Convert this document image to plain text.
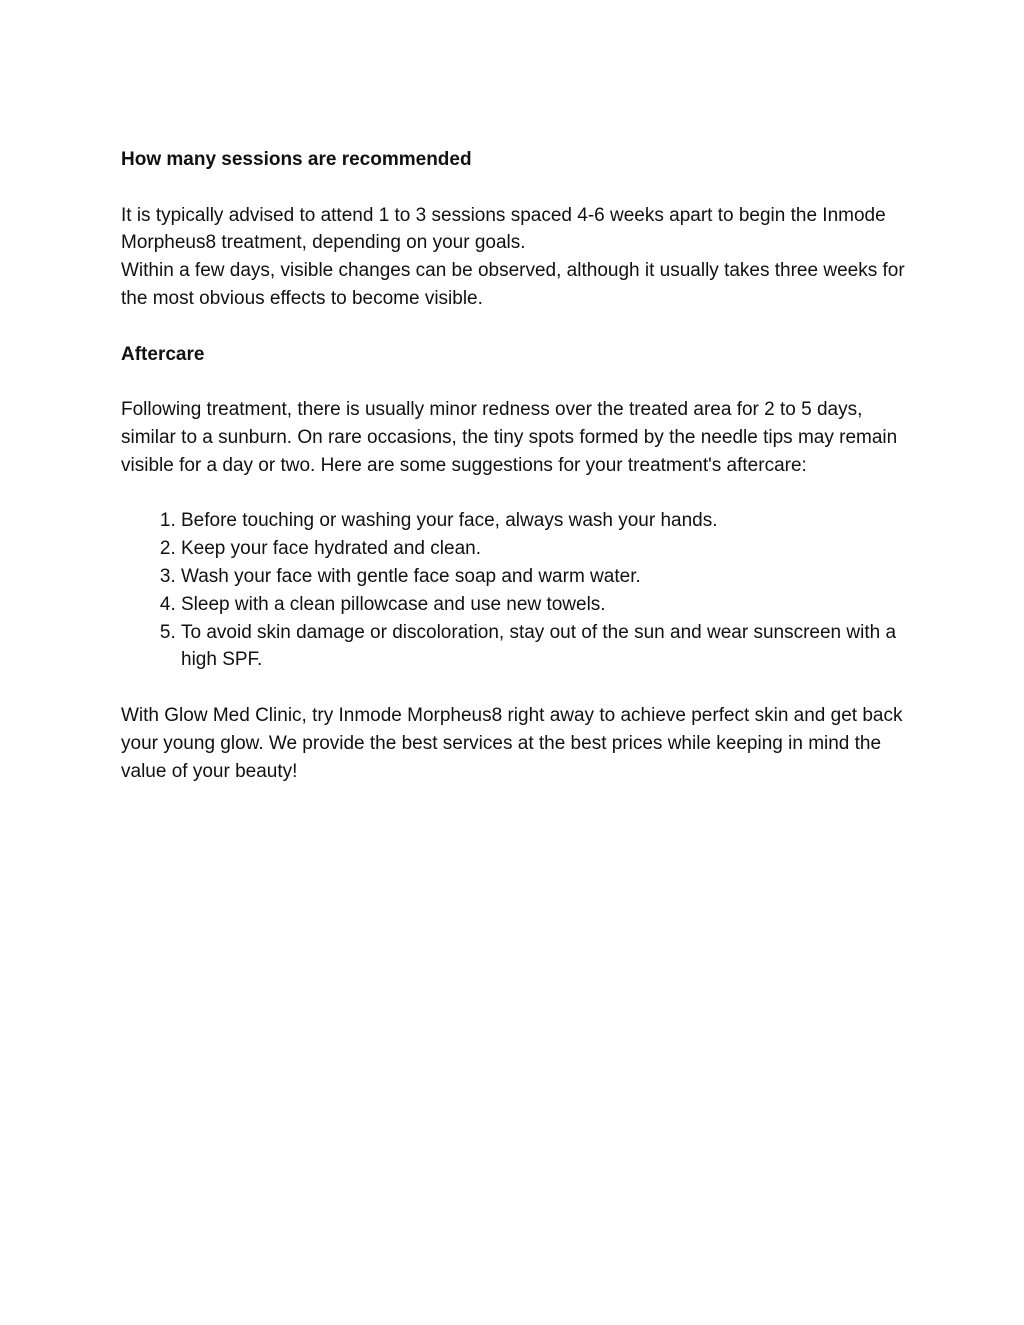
How many sessions are recommended

It is typically advised to attend 1 to 3 sessions spaced 4-6 weeks apart to begin the Inmode Morpheus8 treatment, depending on your goals.

Within a few days, visible changes can be observed, although it usually takes three weeks for the most obvious effects to become visible.

Aftercare

Following treatment, there is usually minor redness over the treated area for 2 to 5 days, similar to a sunburn. On rare occasions, the tiny spots formed by the needle tips may remain visible for a day or two. Here are some suggestions for your treatment's aftercare:

1. Before touching or washing your face, always wash your hands.
2. Keep your face hydrated and clean.
3. Wash your face with gentle face soap and warm water.
4. Sleep with a clean pillowcase and use new towels.
5. To avoid skin damage or discoloration, stay out of the sun and wear sunscreen with a high SPF.

With Glow Med Clinic, try Inmode Morpheus8 right away to achieve perfect skin and get back your young glow. We provide the best services at the best prices while keeping in mind the value of your beauty!
